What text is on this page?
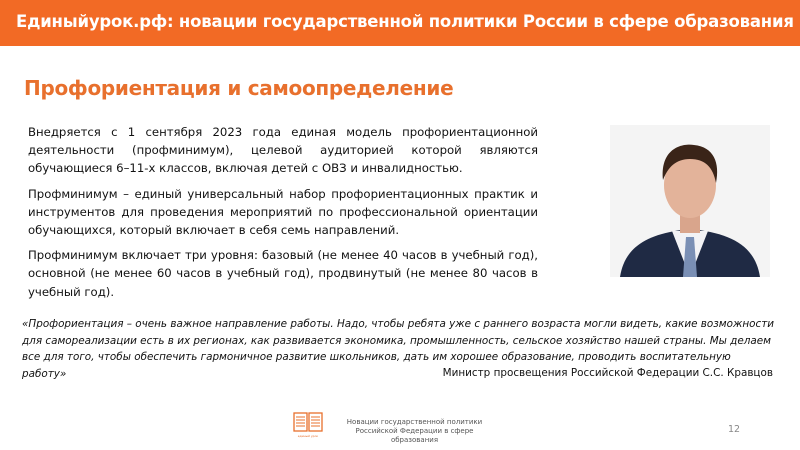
Единыйурок.рф: новации государственной политики России в сфере образования
Профориентация и самоопределение

Внедряется с 1 сентября 2023 года единая модель профориентационной деятельности (профминимум), целевой аудиторией которой являются обучающиеся 6–11-х классов, включая детей с ОВЗ и инвалидностью.

Профминимум – единый универсальный набор профориентационных практик и инструментов для проведения мероприятий по профессиональной ориентации обучающихся, который включает в себя семь направлений.

Профминимум включает три уровня: базовый (не менее 40 часов в учебный год), основной (не менее 60 часов в учебный год), продвинутый (не менее 80 часов в учебный год).

«Профориентация – очень важное направление работы. Надо, чтобы ребята уже с раннего возраста могли видеть, какие возможности для самореализации есть в их регионах, как развивается экономика, промышленность, сельское хозяйство нашей страны. Мы делаем все для того, чтобы обеспечить гармоничное развитие школьников, дать им хорошее образование, проводить воспитательную работу»	Министр просвещения Российской Федерации С.С. Кравцов
единый урок
Новации государственной политики
Российской Федерации в сфере образования
12
